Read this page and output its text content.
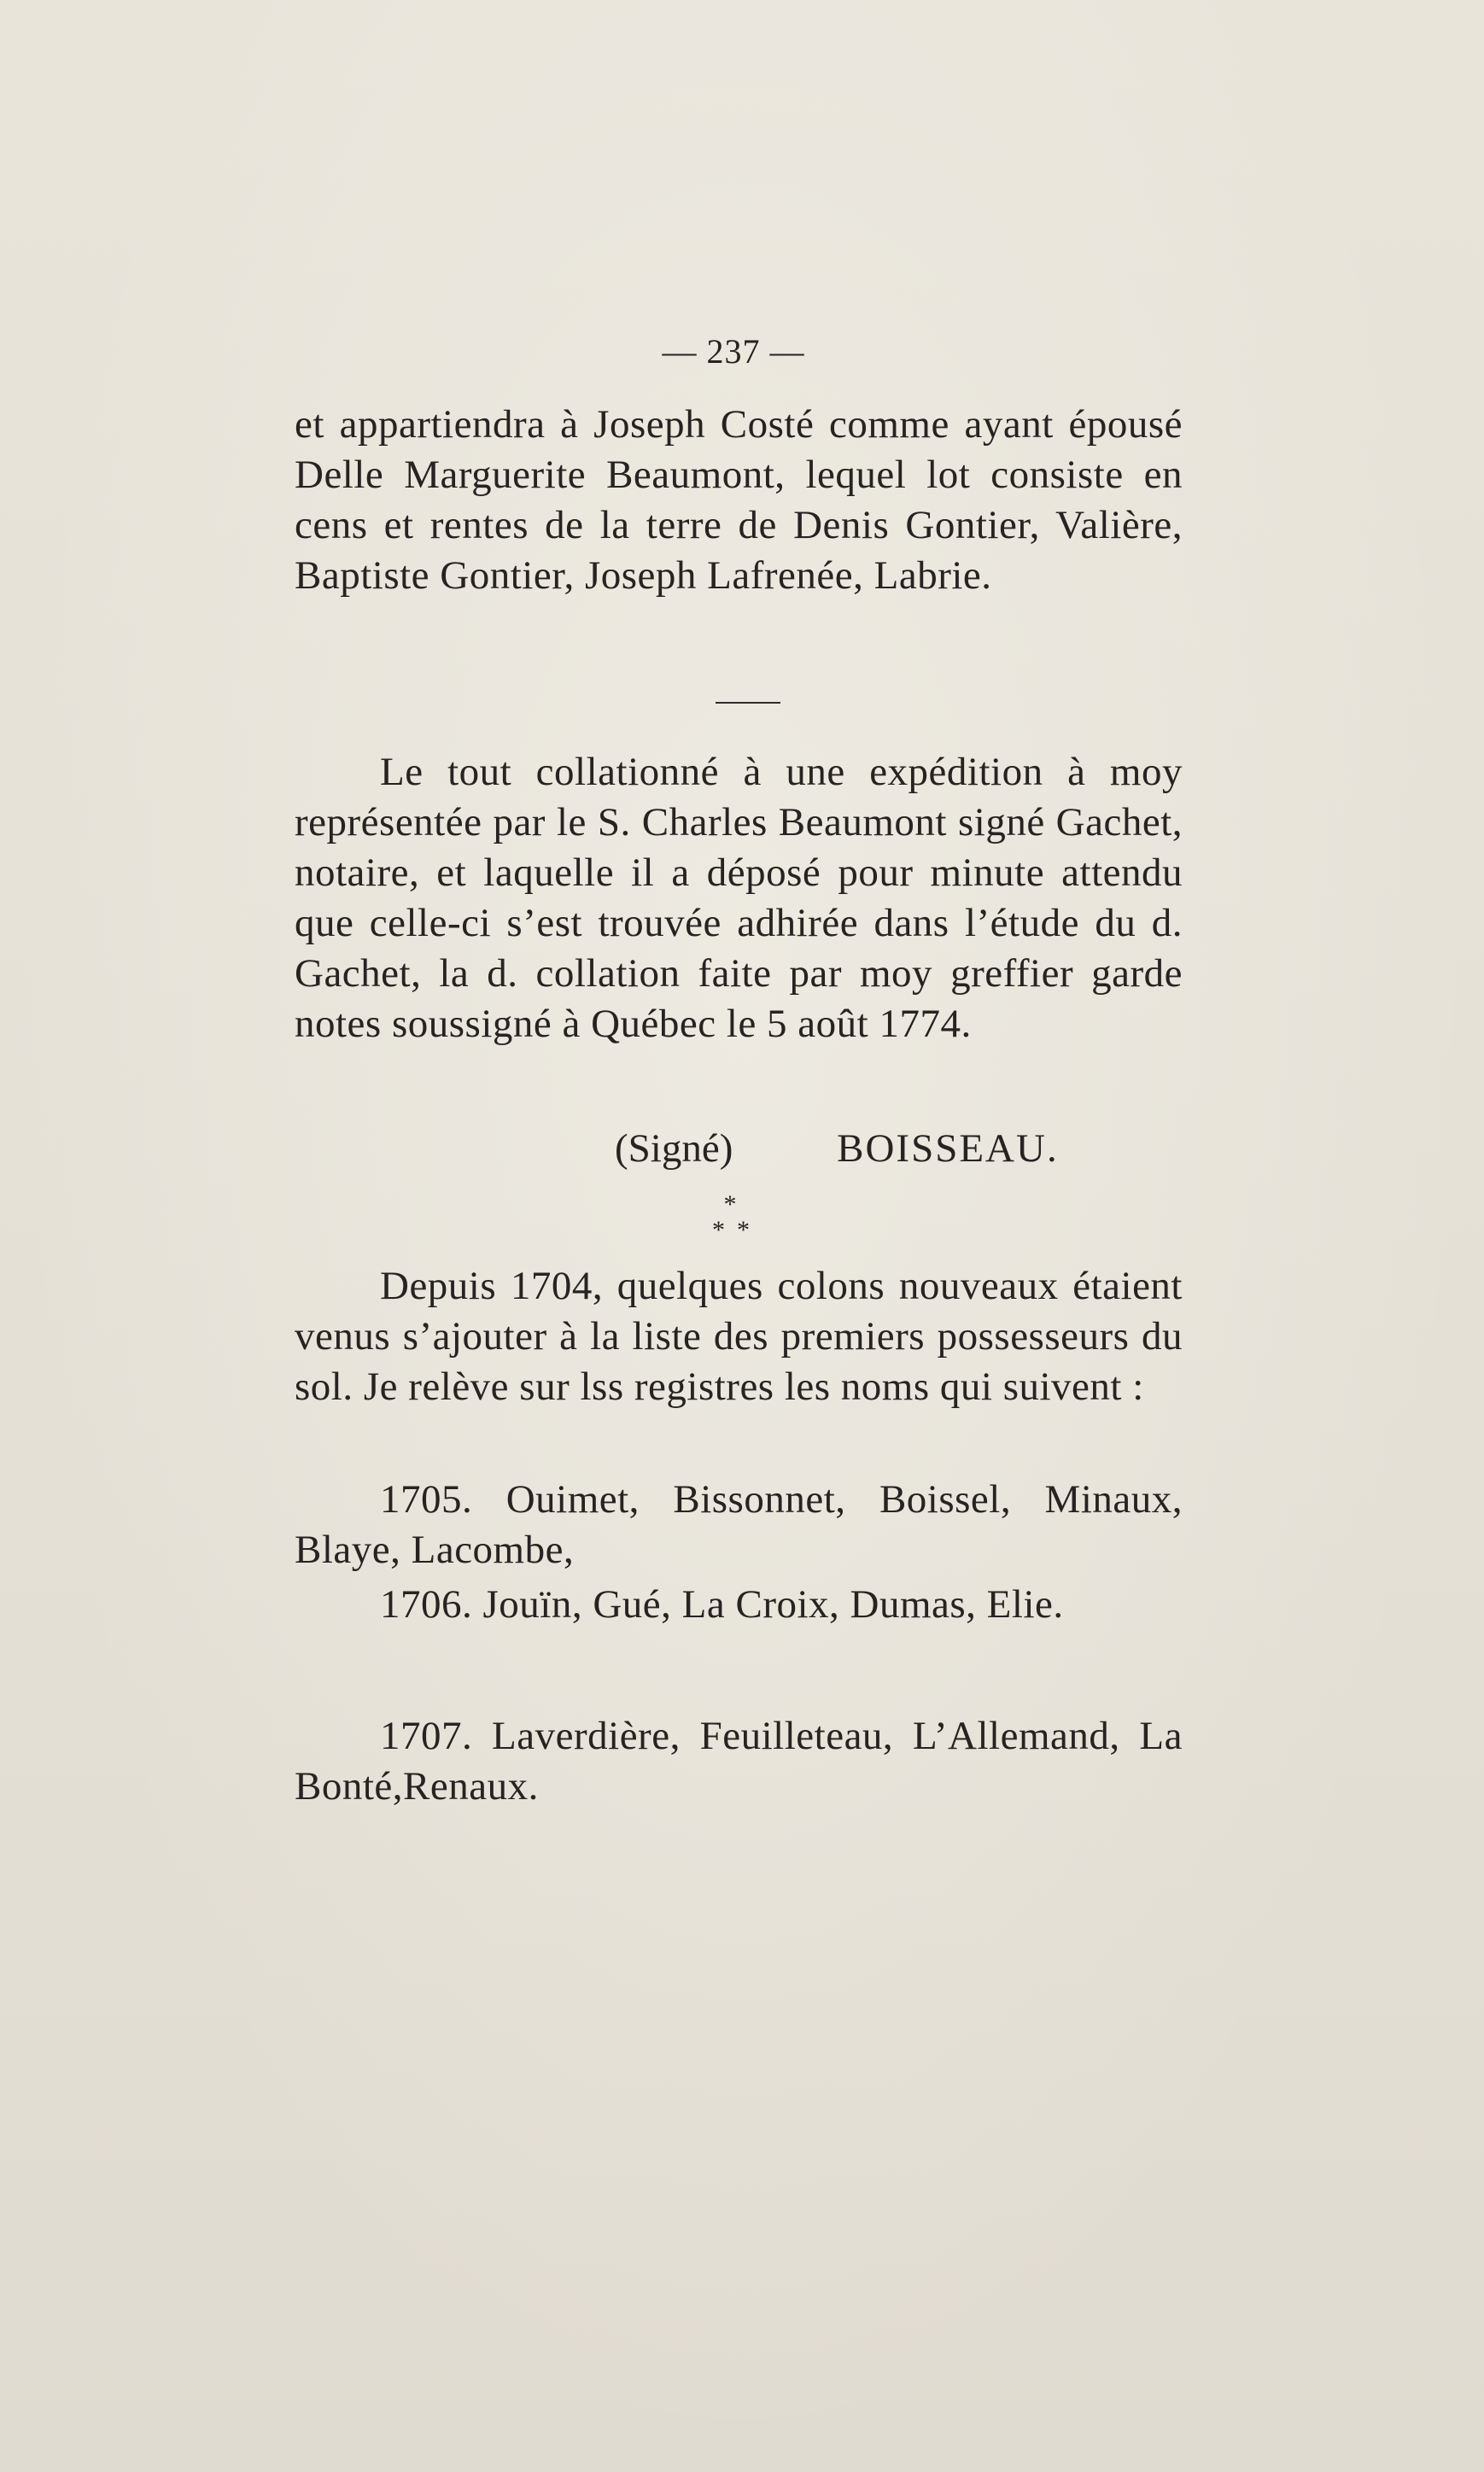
— 237 —

et appartiendra à Joseph Costé comme ayant épousé Delle Marguerite Beaumont, lequel lot consiste en cens et rentes de la terre de Denis Gontier, Valière, Baptiste Gontier, Joseph Lafrenée, Labrie.

Le tout collationné à une expédition à moy représentée par le S. Charles Beaumont signé Gachet, notaire, et laquelle il a déposé pour minute attendu que celle-ci s’est trouvée adhirée dans l’étude du d. Gachet, la d. collation faite par moy greffier garde notes soussigné à Québec le 5 août 1774.

(Signé)	BOISSEAU.
*
**

Depuis 1704, quelques colons nouveaux étaient venus s’ajouter à la liste des premiers possesseurs du sol. Je relève sur lss registres les noms qui suivent :

1705. Ouimet, Bissonnet, Boissel, Minaux, Blaye, Lacombe,

1706. Jouïn, Gué, La Croix, Dumas, Elie.

1707. Laverdière, Feuilleteau, L’Allemand, La Bonté,Renaux.
